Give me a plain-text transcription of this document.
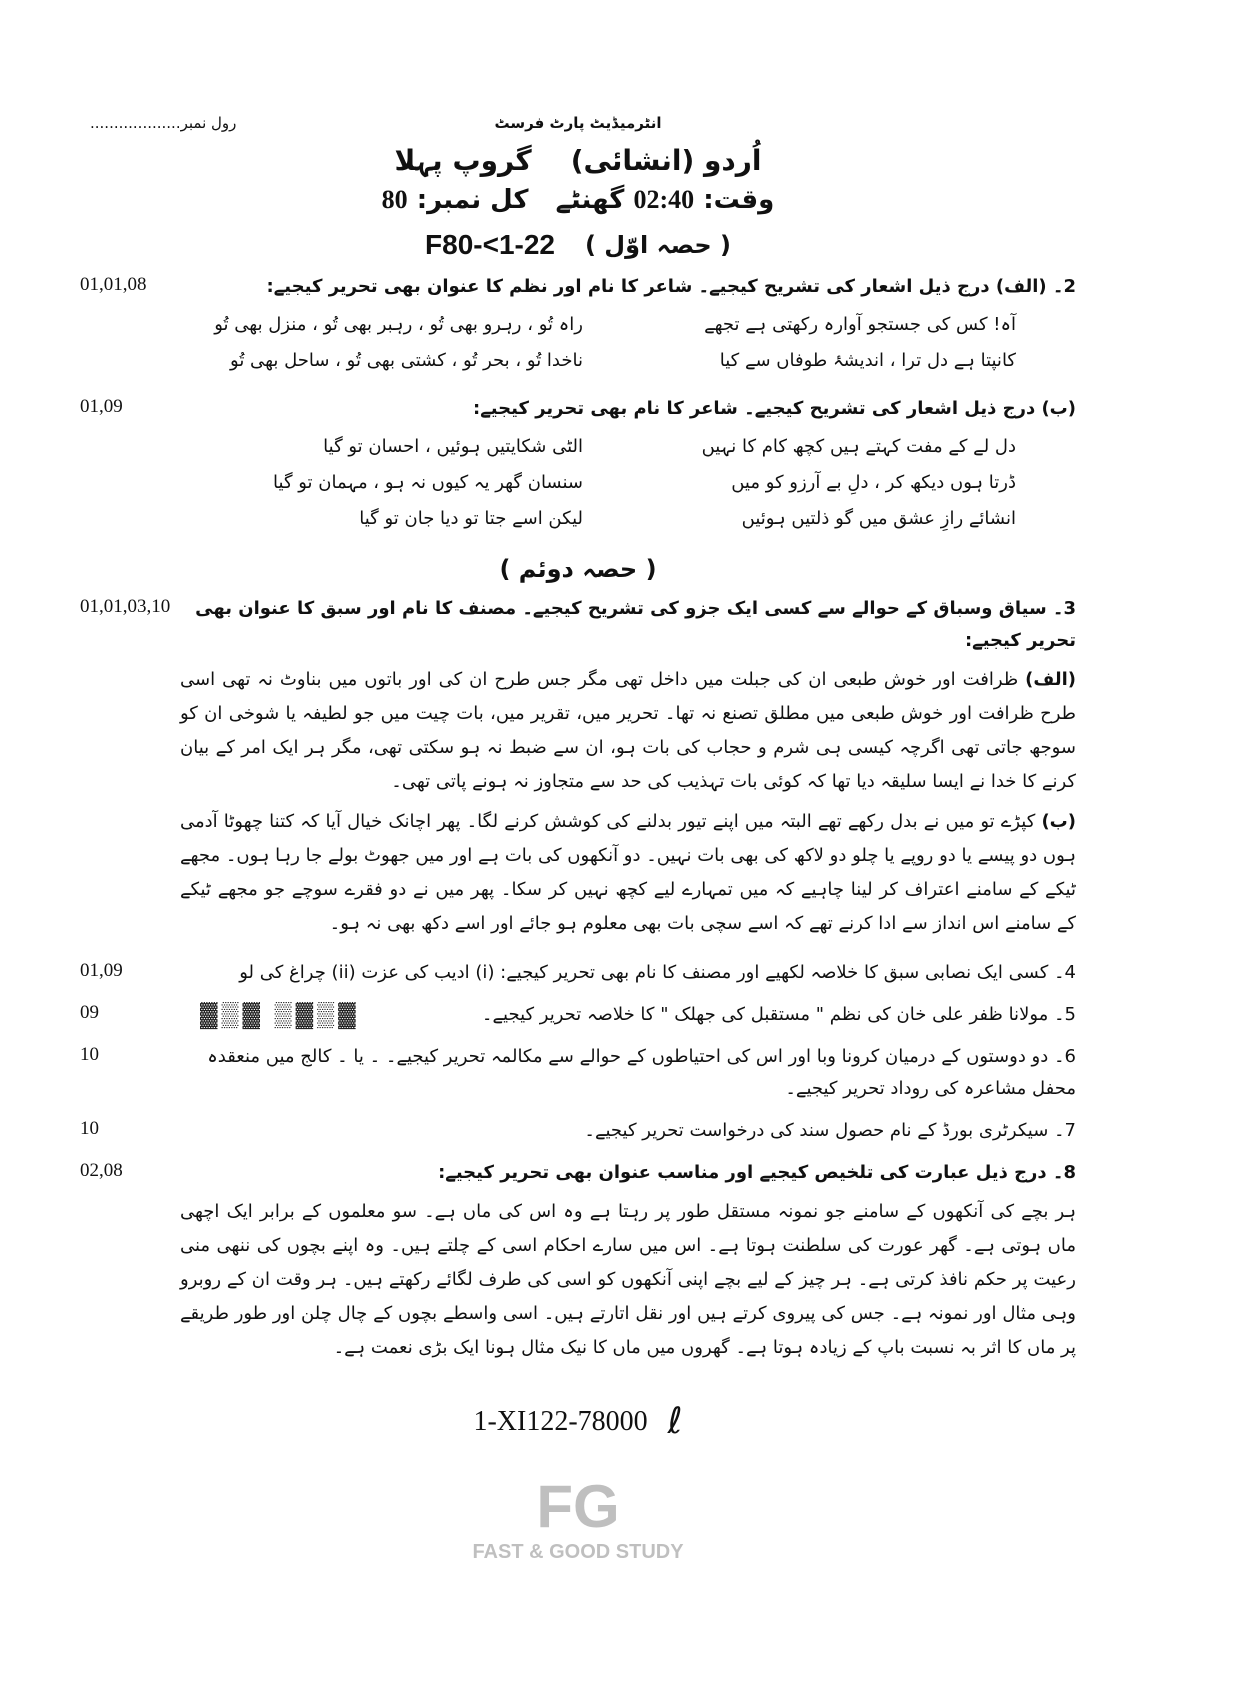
رول نمبر...................	انٹرمیڈیٹ پارٹ فرسٹ
اُردو (انشائی)    گروپ پہلا
وقت: 02:40 گھنٹے   کل نمبر: 80
F80-<1-22 ( حصہ اوّل )
01,01,08	2۔ (الف) درج ذیل اشعار کی تشریح کیجیے۔ شاعر کا نام اور نظم کا عنوان بھی تحریر کیجیے:
آہ! کس کی جستجو آوارہ رکھتی ہے تجھے
راہ تُو ، رہرو بھی تُو ، رہبر بھی تُو ، منزل بھی تُو
کانپتا ہے دل ترا ، اندیشۂ طوفاں سے کیا
ناخدا تُو ، بحر تُو ، کشتی بھی تُو ، ساحل بھی تُو
01,09	(ب) درج ذیل اشعار کی تشریح کیجیے۔ شاعر کا نام بھی تحریر کیجیے:
دل لے کے مفت کہتے ہیں کچھ کام کا نہیں
الٹی شکایتیں ہوئیں ، احسان تو گیا
ڈرتا ہوں دیکھ کر ، دلِ بے آرزو کو میں
سنسان گھر یہ کیوں نہ ہو ، مہمان تو گیا
انشائے رازِ عشق میں گو ذلتیں ہوئیں
لیکن اسے جتا تو دیا جان تو گیا
( حصہ دوئم )
01,01,03,10	3۔ سیاق وسباق کے حوالے سے کسی ایک جزو کی تشریح کیجیے۔ مصنف کا نام اور سبق کا عنوان بھی تحریر کیجیے:
(الف) ظرافت اور خوش طبعی ان کی جبلت میں داخل تھی مگر جس طرح ان کی اور باتوں میں بناوٹ نہ تھی اسی طرح ظرافت اور خوش طبعی میں مطلق تصنع نہ تھا۔ تحریر میں، تقریر میں، بات چیت میں جو لطیفہ یا شوخی ان کو سوجھ جاتی تھی اگرچہ کیسی ہی شرم و حجاب کی بات ہو، ان سے ضبط نہ ہو سکتی تھی، مگر ہر ایک امر کے بیان کرنے کا خدا نے ایسا سلیقہ دیا تھا کہ کوئی بات تہذیب کی حد سے متجاوز نہ ہونے پاتی تھی۔
(ب) کپڑے تو میں نے بدل رکھے تھے البتہ میں اپنے تیور بدلنے کی کوشش کرنے لگا۔ پھر اچانک خیال آیا کہ کتنا چھوٹا آدمی ہوں دو پیسے یا دو روپے یا چلو دو لاکھ کی بھی بات نہیں۔ دو آنکھوں کی بات ہے اور میں جھوٹ بولے جا رہا ہوں۔ مجھے ٹیکے کے سامنے اعتراف کر لینا چاہیے کہ میں تمہارے لیے کچھ نہیں کر سکا۔ پھر میں نے دو فقرے سوچے جو مجھے ٹیکے کے سامنے اس انداز سے ادا کرنے تھے کہ اسے سچی بات بھی معلوم ہو جائے اور اسے دکھ بھی نہ ہو۔
01,09	4۔ کسی ایک نصابی سبق کا خلاصہ لکھیے اور مصنف کا نام بھی تحریر کیجیے: (i) ادیب کی عزت (ii) چراغ کی لو
09	5۔ مولانا ظفر علی خان کی نظم " مستقبل کی جھلک " کا خلاصہ تحریر کیجیے۔
▓▒▓ ▒▓▒▓
10	6۔ دو دوستوں کے درمیان کرونا وبا اور اس کی احتیاطوں کے حوالے سے مکالمہ تحریر کیجیے۔ ۔ یا ۔ کالج میں منعقدہ محفل مشاعرہ کی روداد تحریر کیجیے۔
10	7۔ سیکرٹری بورڈ کے نام حصول سند کی درخواست تحریر کیجیے۔
02,08	8۔ درج ذیل عبارت کی تلخیص کیجیے اور مناسب عنوان بھی تحریر کیجیے:
ہر بچے کی آنکھوں کے سامنے جو نمونہ مستقل طور پر رہتا ہے وہ اس کی ماں ہے۔ سو معلموں کے برابر ایک اچھی ماں ہوتی ہے۔ گھر عورت کی سلطنت ہوتا ہے۔ اس میں سارے احکام اسی کے چلتے ہیں۔ وہ اپنے بچوں کی ننھی منی رعیت پر حکم نافذ کرتی ہے۔ ہر چیز کے لیے بچے اپنی آنکھوں کو اسی کی طرف لگائے رکھتے ہیں۔ ہر وقت ان کے روبرو وہی مثال اور نمونہ ہے۔ جس کی پیروی کرتے ہیں اور نقل اتارتے ہیں۔ اسی واسطے بچوں کے چال چلن اور طور طریقے پر ماں کا اثر بہ نسبت باپ کے زیادہ ہوتا ہے۔ گھروں میں ماں کا نیک مثال ہونا ایک بڑی نعمت ہے۔
1-XI122-78000 ℓ
FG
FAST & GOOD STUDY
